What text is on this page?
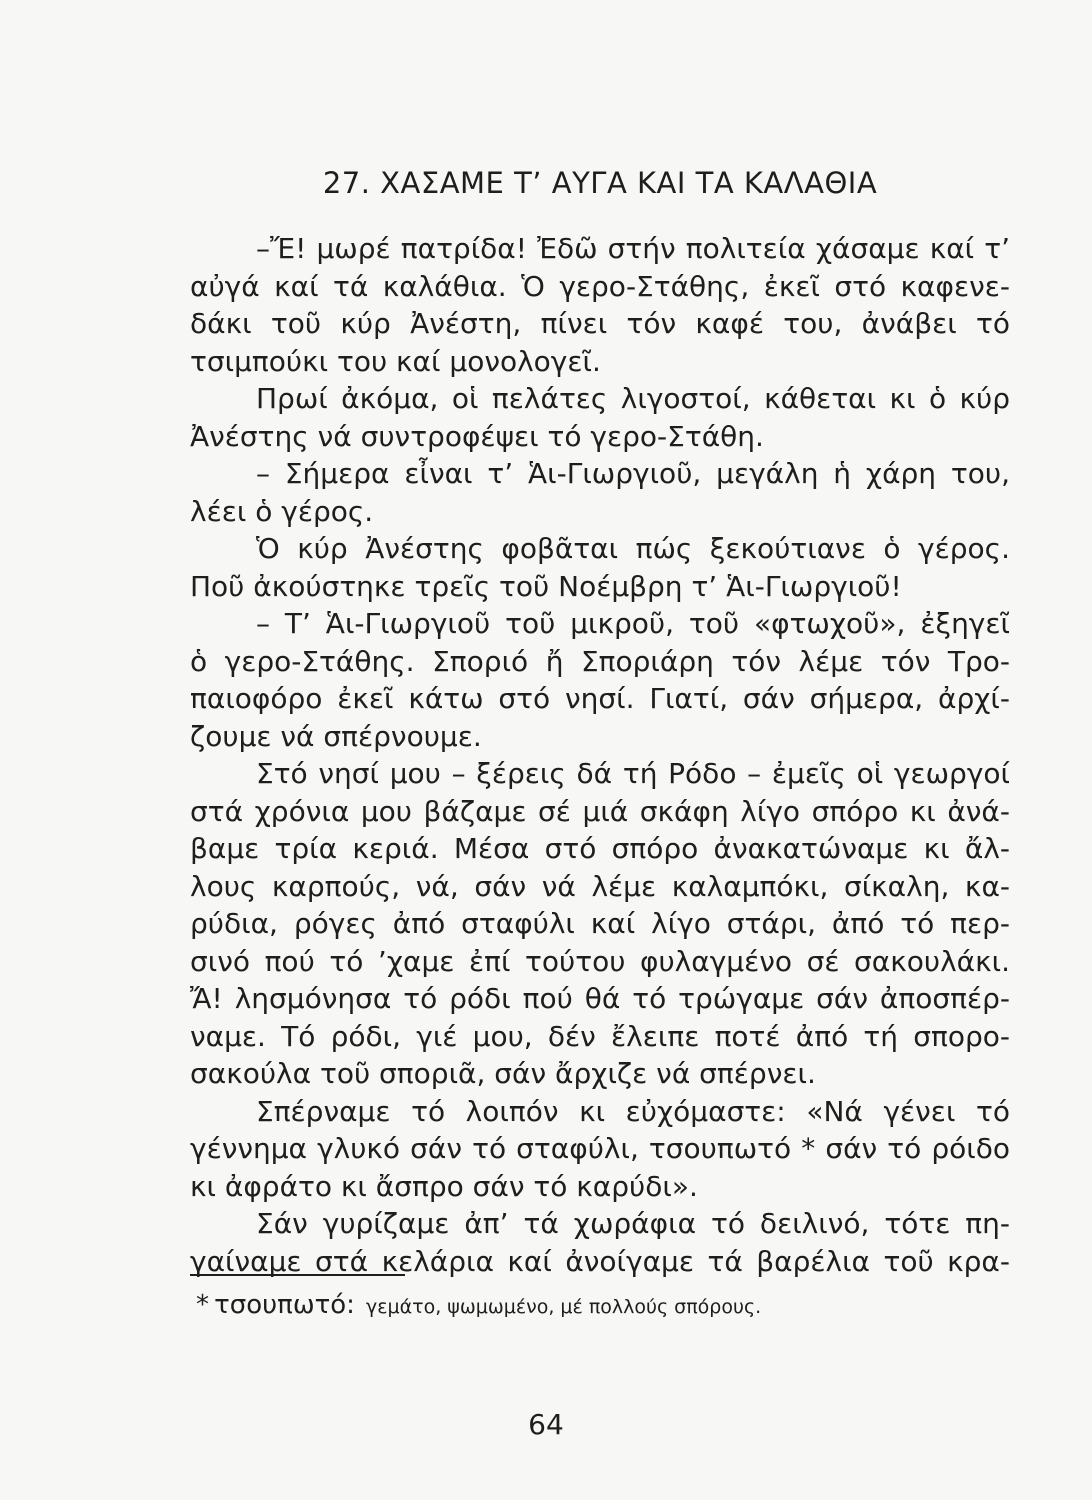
27. ΧΑΣΑΜΕ Τ’ ΑΥΓΑ ΚΑΙ ΤΑ ΚΑΛΑΘΙΑ
–Ἔ! μωρέ πατρίδα! Ἐδῶ στήν πολιτεία χάσαμε καί τ’
αὐγά καί τά καλάθια. Ὁ γερο-Στάθης, ἐκεῖ στό καφενε-
δάκι τοῦ κύρ Ἀνέστη, πίνει τόν καφέ του, ἀνάβει τό
τσιμπούκι του καί μονολογεῖ.
Πρωί ἀκόμα, οἱ πελάτες λιγοστοί, κάθεται κι ὁ κύρ
Ἀνέστης νά συντροφέψει τό γερο-Στάθη.
– Σήμερα εἶναι τ’ Ἁι-Γιωργιοῦ, μεγάλη ἡ χάρη του,
λέει ὁ γέρος.
Ὁ κύρ Ἀνέστης φοβᾶται πώς ξεκούτιανε ὁ γέρος.
Ποῦ ἀκούστηκε τρεῖς τοῦ Νοέμβρη τ’ Ἁι-Γιωργιοῦ!
– Τ’ Ἁι-Γιωργιοῦ τοῦ μικροῦ, τοῦ «φτωχοῦ», ἐξηγεῖ
ὁ γερο-Στάθης. Σποριό ἤ Σποριάρη τόν λέμε τόν Τρο-
παιοφόρο ἐκεῖ κάτω στό νησί. Γιατί, σάν σήμερα, ἀρχί-
ζουμε νά σπέρνουμε.
Στό νησί μου – ξέρεις δά τή Ρόδο – ἐμεῖς οἱ γεωργοί
στά χρόνια μου βάζαμε σέ μιά σκάφη λίγο σπόρο κι ἀνά-
βαμε τρία κεριά. Μέσα στό σπόρο ἀνακατώναμε κι ἄλ-
λους καρπούς, νά, σάν νά λέμε καλαμπόκι, σίκαλη, κα-
ρύδια, ρόγες ἀπό σταφύλι καί λίγο στάρι, ἀπό τό περ-
σινό πού τό ’χαμε ἐπί τούτου φυλαγμένο σέ σακουλάκι.
Ἄ! λησμόνησα τό ρόδι πού θά τό τρώγαμε σάν ἀποσπέρ-
ναμε. Τό ρόδι, γιέ μου, δέν ἔλειπε ποτέ ἀπό τή σπορο-
σακούλα τοῦ σποριᾶ, σάν ἄρχιζε νά σπέρνει.
Σπέρναμε τό λοιπόν κι εὐχόμαστε: «Νά γένει τό
γέννημα γλυκό σάν τό σταφύλι, τσουπωτό * σάν τό ρόιδο
κι ἀφράτο κι ἄσπρο σάν τό καρύδι».
Σάν γυρίζαμε ἀπ’ τά χωράφια τό δειλινό, τότε πη-
γαίναμε στά κελάρια καί ἀνοίγαμε τά βαρέλια τοῦ κρα-
* τσουπωτό: γεμάτο, ψωμωμένο, μέ πολλούς σπόρους.
64
